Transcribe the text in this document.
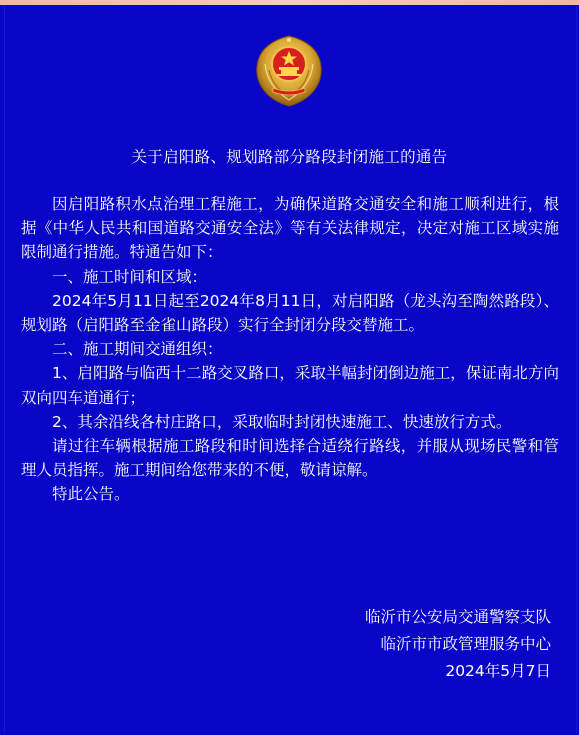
关于启阳路、规划路部分路段封闭施工的通告

因启阳路积水点治理工程施工，为确保道路交通安全和施工顺利进行，根据《中华人民共和国道路交通安全法》等有关法律规定，决定对施工区域实施限制通行措施。特通告如下：

一、施工时间和区域：

2024年5月11日起至2024年8月11日，对启阳路（龙头沟至陶然路段）、规划路（启阳路至金雀山路段）实行全封闭分段交替施工。

二、施工期间交通组织：

1、启阳路与临西十二路交叉路口，采取半幅封闭倒边施工，保证南北方向双向四车道通行；

2、其余沿线各村庄路口，采取临时封闭快速施工、快速放行方式。

请过往车辆根据施工路段和时间选择合适绕行路线，并服从现场民警和管理人员指挥。施工期间给您带来的不便，敬请谅解。

特此公告。

临沂市公安局交通警察支队
临沂市市政管理服务中心
2024年5月7日
